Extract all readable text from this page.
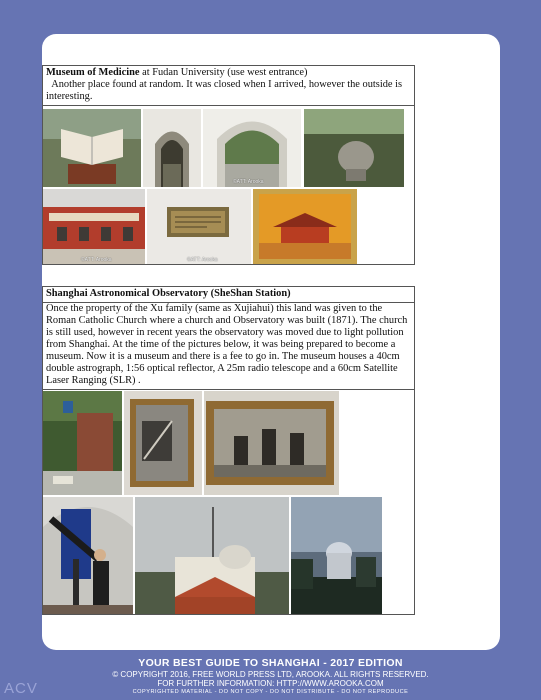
Museum of Medicine at Fudan University (use west entrance)
Another place found at random. It was closed when I arrived, however the outside is interesting.
©ATT: Arooka
©ATT: Arooka	©ATT: Arooka
Shanghai Astronomical Observatory (SheShan Station)
Once the property of the Xu family (same as Xujiahui) this land was given to the Roman Catholic Church where a church and Observatory was built (1871). The church is still used, however in recent years the observatory was moved due to light pollution from Shanghai. At the time of the pictures below, it was being prepared to become a museum. Now it is a museum and there is a fee to go in. The museum houses a 40cm double astrograph, 1:56 optical reflector, A 25m radio telescope and a 60cm Satellite Laser Ranging (SLR) .
YOUR BEST GUIDE TO SHANGHAI - 2017 EDITION
© COPYRIGHT 2016, FREE WORLD PRESS LTD, AROOKA. ALL RIGHTS RESERVED.
FOR FURTHER INFORMATION: HTTP://WWW.AROOKA.COM
COPYRIGHTED MATERIAL - DO NOT COPY - DO NOT DISTRIBUTE - DO NOT REPRODUCE
ACV
